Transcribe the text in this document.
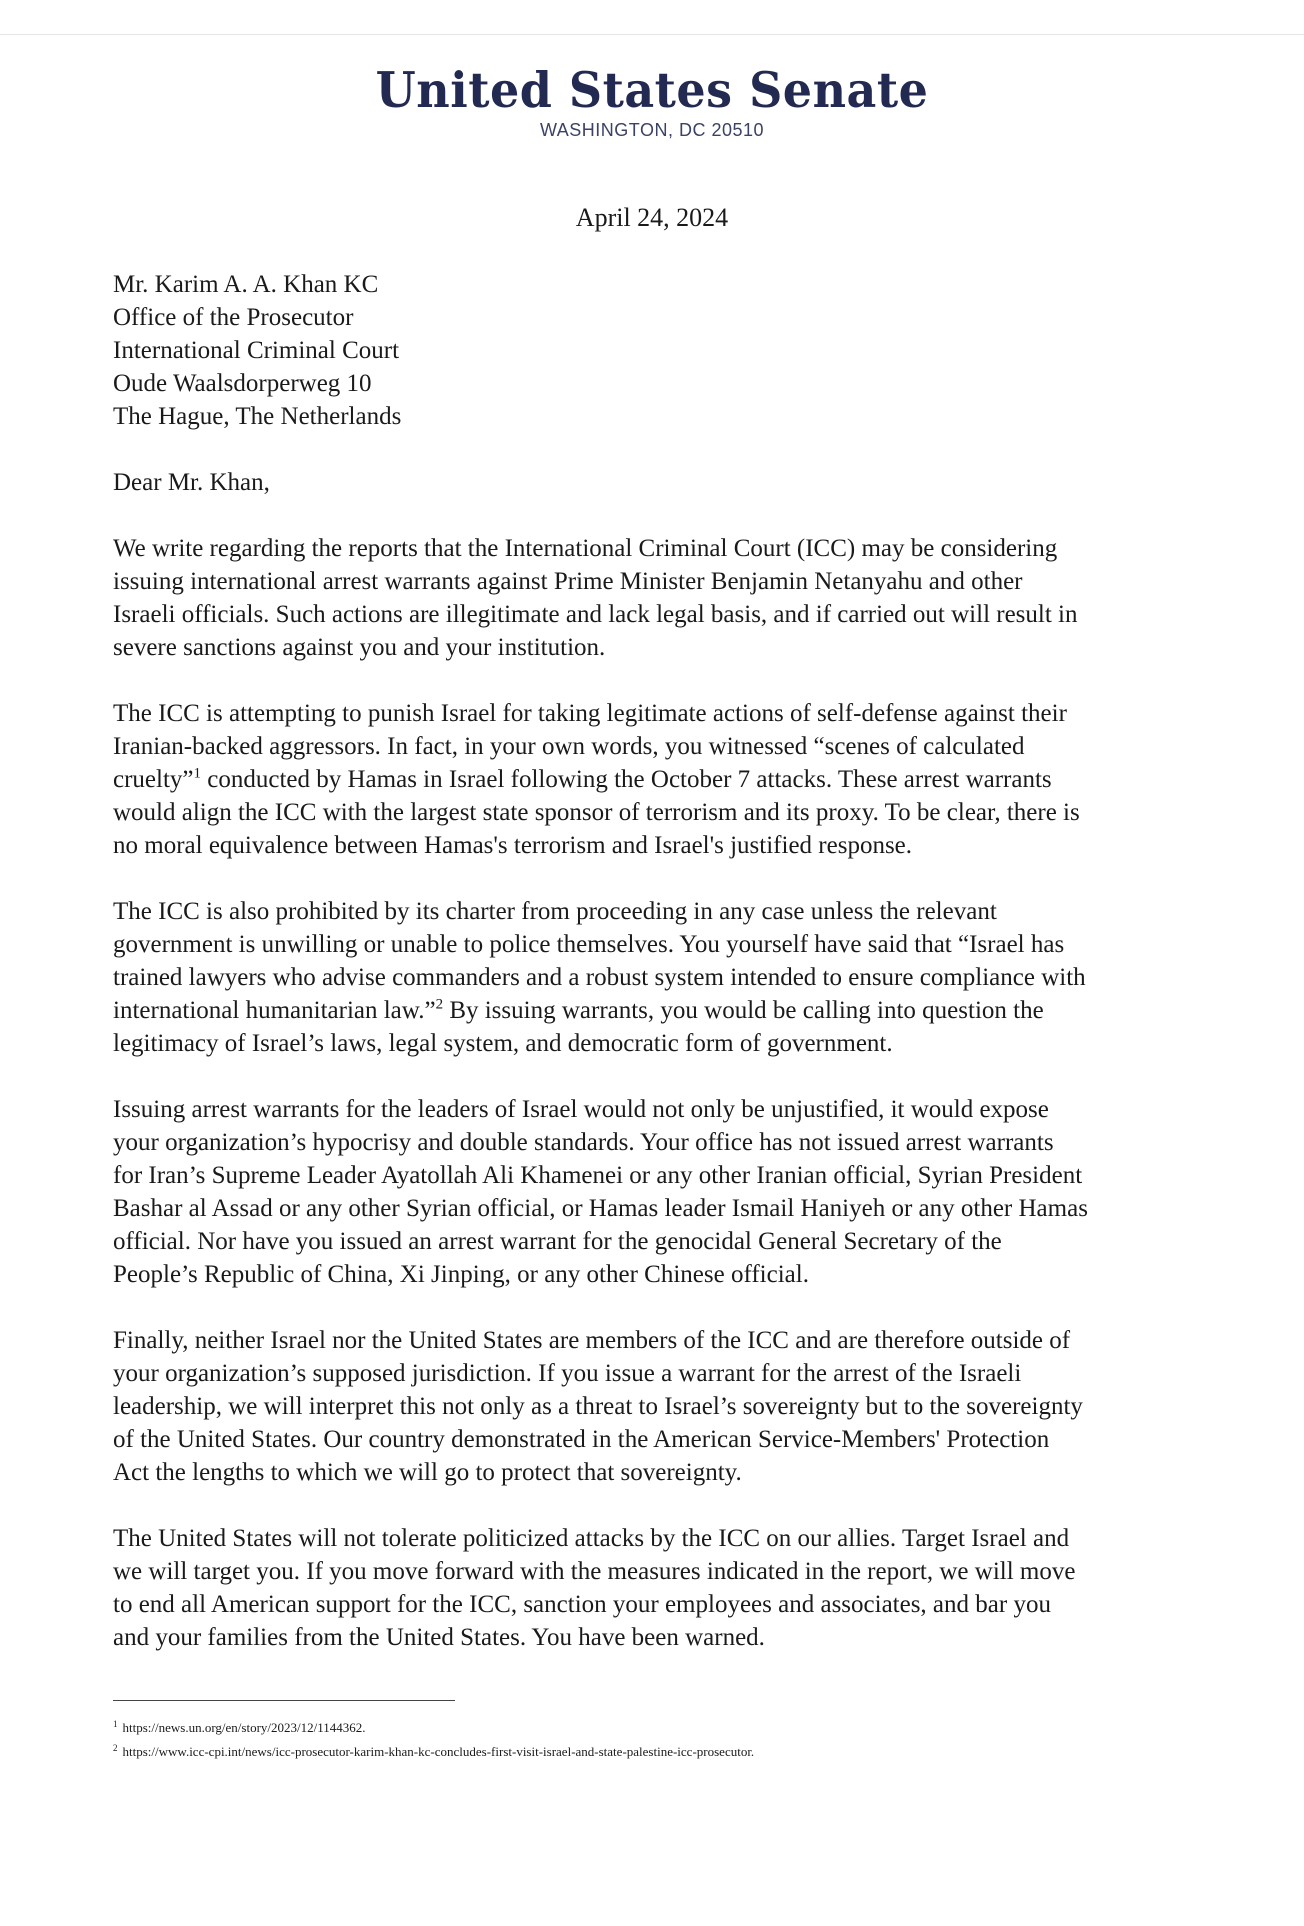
United States Senate
WASHINGTON, DC 20510
April 24, 2024
Mr. Karim A. A. Khan KC
Office of the Prosecutor
International Criminal Court
Oude Waalsdorperweg 10
The Hague, The Netherlands
Dear Mr. Khan,
We write regarding the reports that the International Criminal Court (ICC) may be considering
issuing international arrest warrants against Prime Minister Benjamin Netanyahu and other
Israeli officials. Such actions are illegitimate and lack legal basis, and if carried out will result in
severe sanctions against you and your institution.
The ICC is attempting to punish Israel for taking legitimate actions of self-defense against their
Iranian-backed aggressors. In fact, in your own words, you witnessed “scenes of calculated
cruelty”$^1$ conducted by Hamas in Israel following the October 7 attacks. These arrest warrants
would align the ICC with the largest state sponsor of terrorism and its proxy. To be clear, there is
no moral equivalence between Hamas's terrorism and Israel's justified response.
The ICC is also prohibited by its charter from proceeding in any case unless the relevant
government is unwilling or unable to police themselves. You yourself have said that “Israel has
trained lawyers who advise commanders and a robust system intended to ensure compliance with
international humanitarian law.”$^2$ By issuing warrants, you would be calling into question the
legitimacy of Israel’s laws, legal system, and democratic form of government.
Issuing arrest warrants for the leaders of Israel would not only be unjustified, it would expose
your organization’s hypocrisy and double standards. Your office has not issued arrest warrants
for Iran’s Supreme Leader Ayatollah Ali Khamenei or any other Iranian official, Syrian President
Bashar al Assad or any other Syrian official, or Hamas leader Ismail Haniyeh or any other Hamas
official. Nor have you issued an arrest warrant for the genocidal General Secretary of the
People’s Republic of China, Xi Jinping, or any other Chinese official.
Finally, neither Israel nor the United States are members of the ICC and are therefore outside of
your organization’s supposed jurisdiction. If you issue a warrant for the arrest of the Israeli
leadership, we will interpret this not only as a threat to Israel’s sovereignty but to the sovereignty
of the United States. Our country demonstrated in the American Service-Members' Protection
Act the lengths to which we will go to protect that sovereignty.
The United States will not tolerate politicized attacks by the ICC on our allies. Target Israel and
we will target you. If you move forward with the measures indicated in the report, we will move
to end all American support for the ICC, sanction your employees and associates, and bar you
and your families from the United States. You have been warned.
$^1$ https://news.un.org/en/story/2023/12/1144362.
$^2$ https://www.icc-cpi.int/news/icc-prosecutor-karim-khan-kc-concludes-first-visit-israel-and-state-palestine-icc-prosecutor.
